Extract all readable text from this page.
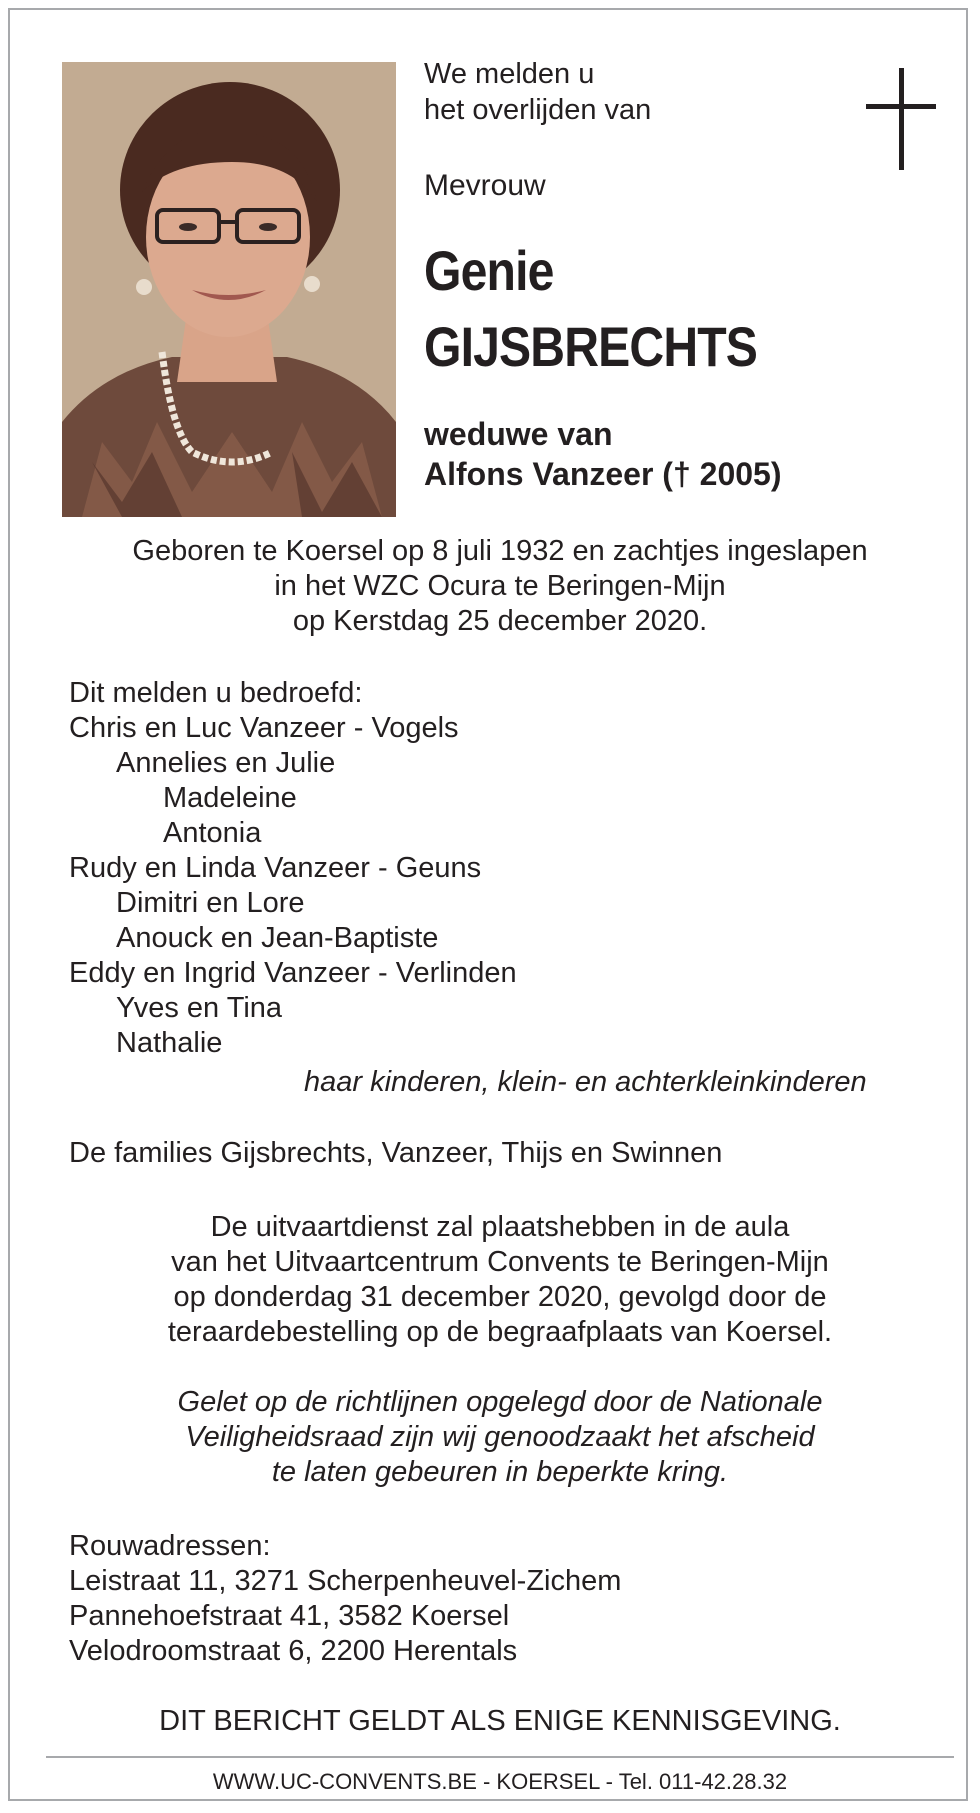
We melden u
het overlijden van
Mevrouw
Genie
GIJSBRECHTS
weduwe van
Alfons Vanzeer († 2005)
Geboren te Koersel op 8 juli 1932 en zachtjes ingeslapen
in het WZC Ocura te Beringen-Mijn
op Kerstdag 25 december 2020.
Dit melden u bedroefd:
Chris en Luc Vanzeer - Vogels
Annelies en Julie
Madeleine
Antonia
Rudy en Linda Vanzeer - Geuns
Dimitri en Lore
Anouck en Jean-Baptiste
Eddy en Ingrid Vanzeer - Verlinden
Yves en Tina
Nathalie
haar kinderen, klein- en achterkleinkinderen
De families Gijsbrechts, Vanzeer, Thijs en Swinnen
De uitvaartdienst zal plaatshebben in de aula
van het Uitvaartcentrum Convents te Beringen-Mijn
op donderdag 31 december 2020, gevolgd door de
teraardebestelling op de begraafplaats van Koersel.
Gelet op de richtlijnen opgelegd door de Nationale
Veiligheidsraad zijn wij genoodzaakt het afscheid
te laten gebeuren in beperkte kring.
Rouwadressen:
Leistraat 11, 3271 Scherpenheuvel-Zichem
Pannehoefstraat 41, 3582 Koersel
Velodroomstraat 6, 2200 Herentals
DIT BERICHT GELDT ALS ENIGE KENNISGEVING.
WWW.UC-CONVENTS.BE - KOERSEL - Tel. 011-42.28.32
